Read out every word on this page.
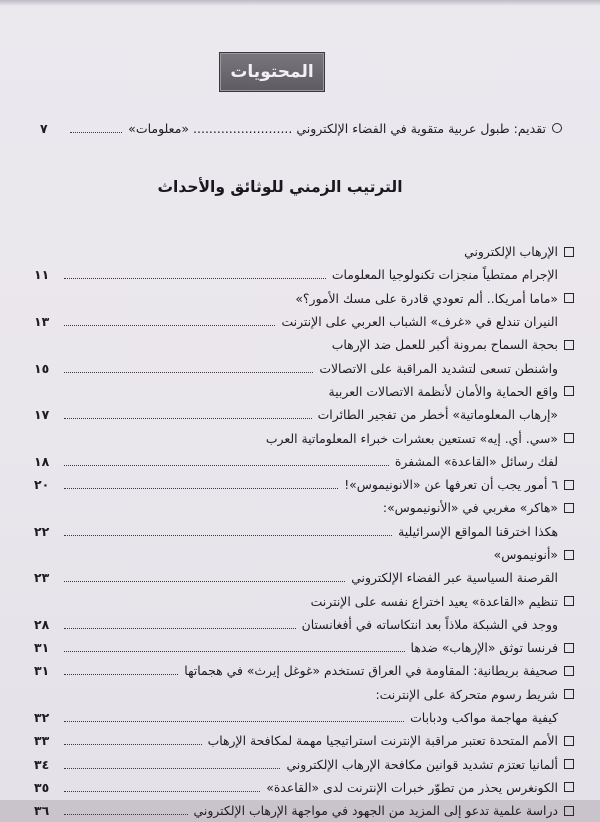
المحتويات
تقديم: طبول عربية متقوية في الفضاء الإلكتروني ......................... «معلومات»
٧
الترتيب الزمني للوثائق والأحداث
الإرهاب الإلكتروني
الإجرام ممتطياً منجزات تكنولوجيا المعلومات
١١
«ماما أمريكا.. ألم تعودي قادرة على مسك الأمور؟»
النيران تندلع في «غرف» الشباب العربي على الإنترنت
١٣
بحجة السماح بمرونة أكبر للعمل ضد الإرهاب
واشنطن تسعى لتشديد المراقبة على الاتصالات
١٥
واقع الحماية والأمان لأنظمة الاتصالات العربية
«إرهاب المعلوماتية» أخطر من تفجير الطائرات
١٧
«سي. أي. إيه» تستعين بعشرات خبراء المعلوماتية العرب
لفك رسائل «القاعدة» المشفرة
١٨
٦ أمور يجب أن تعرفها عن «الانونيموس»!
٢٠
«هاكر» مغربي في «الأنونيموس»:
هكذا اخترقنا المواقع الإسرائيلية
٢٢
«أنونيموس»
القرصنة السياسية عبر الفضاء الإلكتروني
٢٣
تنظيم «القاعدة» يعيد اختراع نفسه على الإنترنت
ووجد في الشبكة ملاذاً بعد انتكاساته في أفغانستان
٢٨
فرنسا توثق «الإرهاب» ضدها
٣١
صحيفة بريطانية: المقاومة في العراق تستخدم «غوغل إيرث» في هجماتها
٣١
شريط رسوم متحركة على الإنترنت:
كيفية مهاجمة مواكب ودبابات
٣٢
الأمم المتحدة تعتبر مراقبة الإنترنت استراتيجيا مهمة لمكافحة الإرهاب
٣٣
ألمانيا تعتزم تشديد قوانين مكافحة الإرهاب الإلكتروني
٣٤
الكونغرس يحذر من تطوّر خبرات الإنترنت لدى «القاعدة»
٣٥
دراسة علمية تدعو إلى المزيد من الجهود في مواجهة الإرهاب الإلكتروني
٣٦
